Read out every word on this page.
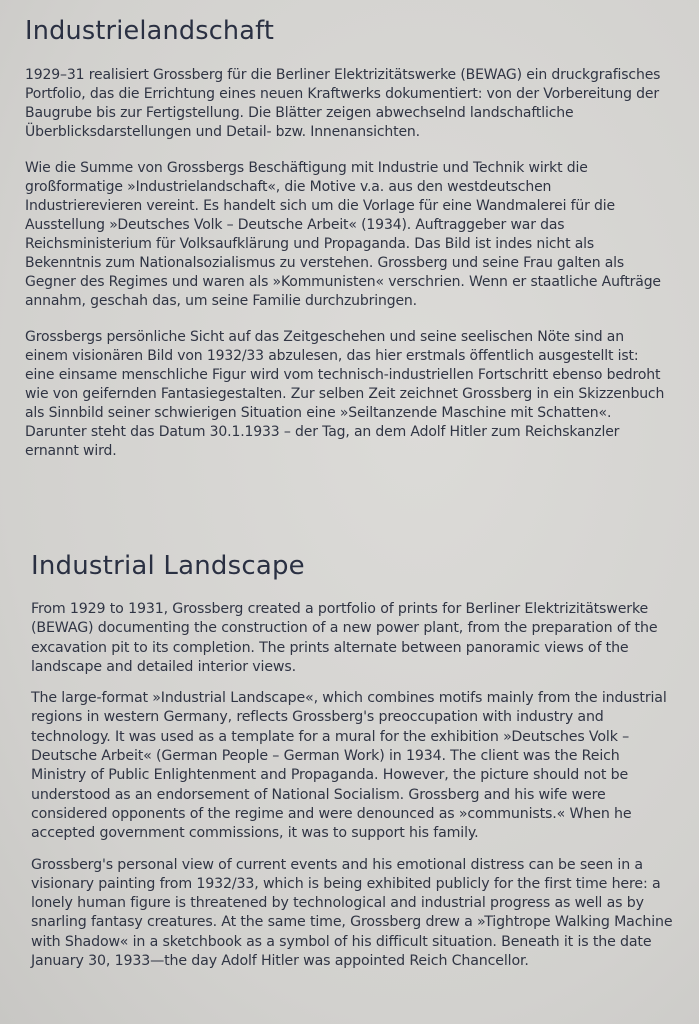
Industrielandschaft

1929–31 realisiert Grossberg für die Berliner Elektrizitätswerke (BEWAG) ein druckgrafisches Portfolio, das die Errichtung eines neuen Kraftwerks dokumentiert: von der Vorbereitung der Baugrube bis zur Fertigstellung. Die Blätter zeigen abwechselnd landschaftliche Überblicksdarstellungen und Detail- bzw. Innenansichten.

Wie die Summe von Grossbergs Beschäftigung mit Industrie und Technik wirkt die großformatige »Industrielandschaft«, die Motive v.a. aus den westdeutschen Industrierevieren vereint. Es handelt sich um die Vorlage für eine Wandmalerei für die Ausstellung »Deutsches Volk – Deutsche Arbeit« (1934). Auftraggeber war das Reichsministerium für Volksaufklärung und Propaganda. Das Bild ist indes nicht als Bekenntnis zum Nationalsozialismus zu verstehen. Grossberg und seine Frau galten als Gegner des Regimes und waren als »Kommunisten« verschrien. Wenn er staatliche Aufträge annahm, geschah das, um seine Familie durchzubringen.

Grossbergs persönliche Sicht auf das Zeitgeschehen und seine seelischen Nöte sind an einem visionären Bild von 1932/33 abzulesen, das hier erstmals öffentlich ausgestellt ist: eine einsame menschliche Figur wird vom technisch-industriellen Fortschritt ebenso bedroht wie von geifernden Fantasiegestalten. Zur selben Zeit zeichnet Grossberg in ein Skizzenbuch als Sinnbild seiner schwierigen Situation eine »Seiltanzende Maschine mit Schatten«. Darunter steht das Datum 30.1.1933 – der Tag, an dem Adolf Hitler zum Reichskanzler ernannt wird.

Industrial Landscape

From 1929 to 1931, Grossberg created a portfolio of prints for Berliner Elektrizitätswerke (BEWAG) documenting the construction of a new power plant, from the preparation of the excavation pit to its completion. The prints alternate between panoramic views of the landscape and detailed interior views.

The large-format »Industrial Landscape«, which combines motifs mainly from the industrial regions in western Germany, reflects Grossberg's preoccupation with industry and technology. It was used as a template for a mural for the exhibition »Deutsches Volk – Deutsche Arbeit« (German People – German Work) in 1934. The client was the Reich Ministry of Public Enlightenment and Propaganda. However, the picture should not be understood as an endorsement of National Socialism. Grossberg and his wife were considered opponents of the regime and were denounced as »communists.« When he accepted government commissions, it was to support his family.

Grossberg's personal view of current events and his emotional distress can be seen in a visionary painting from 1932/33, which is being exhibited publicly for the first time here: a lonely human figure is threatened by technological and industrial progress as well as by snarling fantasy creatures. At the same time, Grossberg drew a »Tightrope Walking Machine with Shadow« in a sketchbook as a symbol of his difficult situation. Beneath it is the date January 30, 1933—the day Adolf Hitler was appointed Reich Chancellor.
